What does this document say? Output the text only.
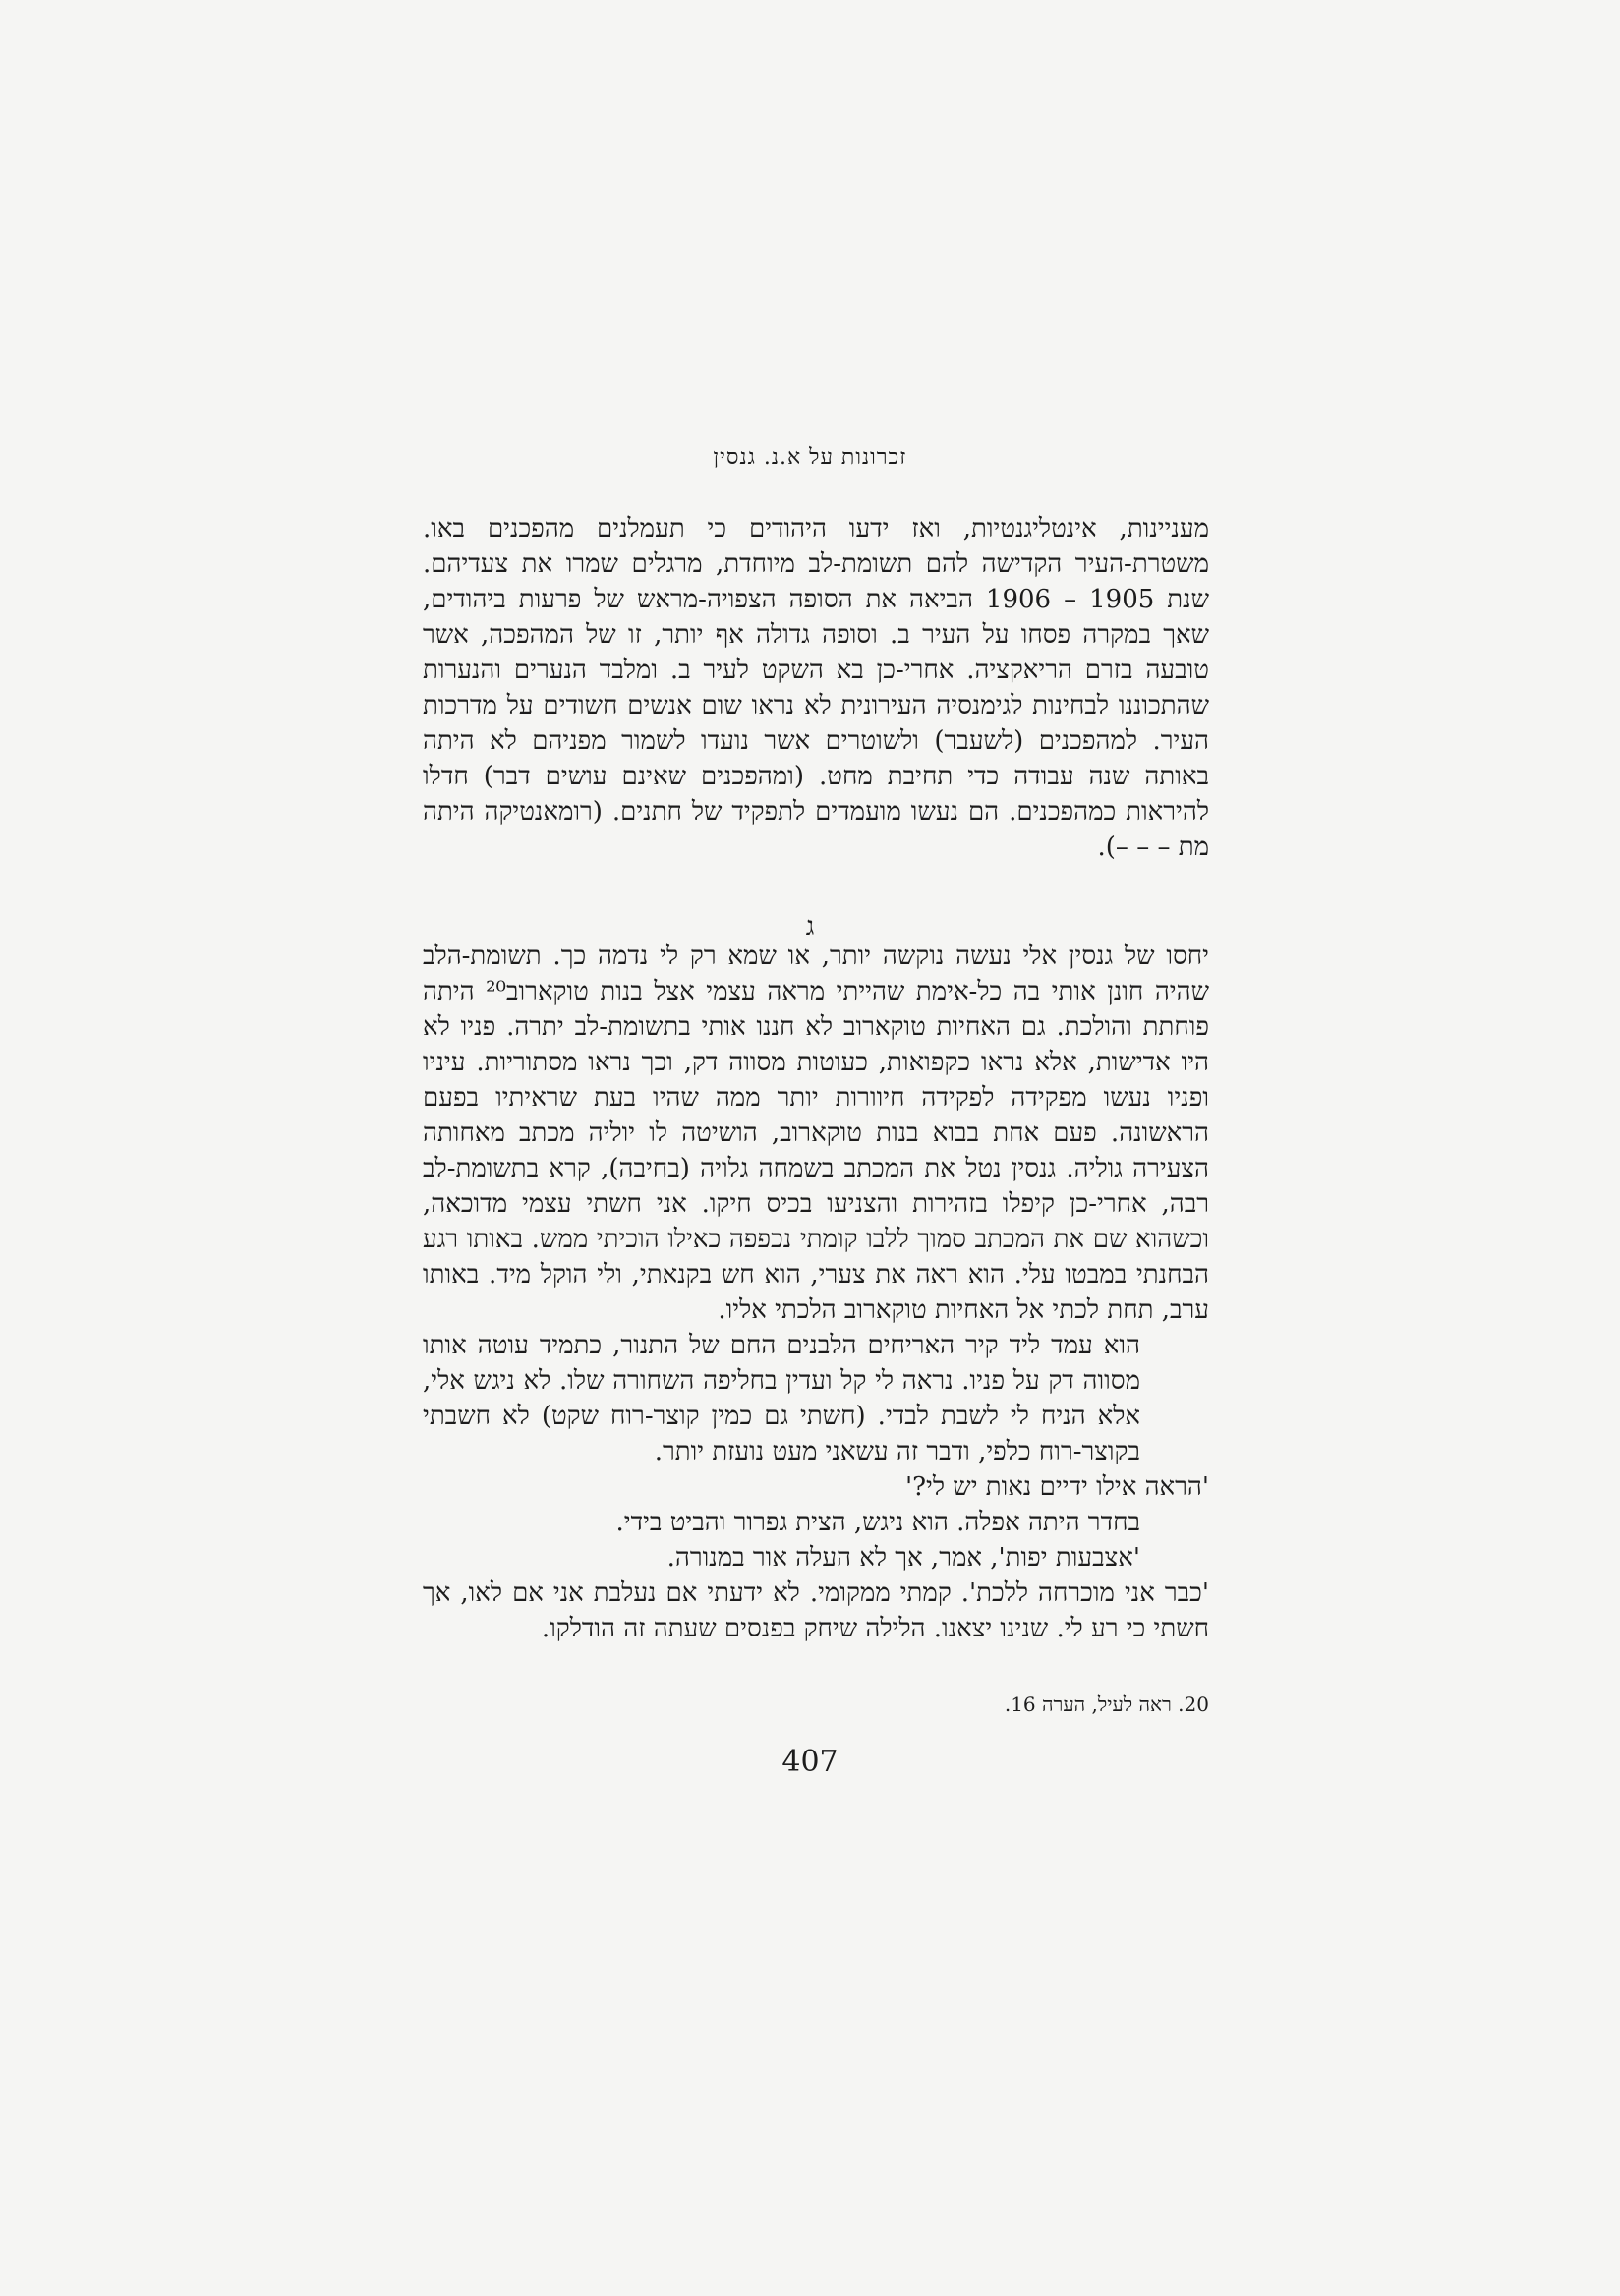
זכרונות על א.נ. גנסין

מעניינות, אינטליגנטיות, ואז ידעו היהודים כי תעמלנים מהפכנים באו. משטרת-העיר הקדישה להם תשומת-לב מיוחדת, מרגלים שמרו את צעדיהם. שנת 1905 – 1906 הביאה את הסופה הצפויה-מראש של פרעות ביהודים, שאך במקרה פסחו על העיר ב. וסופה גדולה אף יותר, זו של המהפכה, אשר טובעה בזרם הריאקציה. אחרי-כן בא השקט לעיר ב. ומלבד הנערים והנערות שהתכוננו לבחינות לגימנסיה העירונית לא נראו שום אנשים חשודים על מדרכות העיר. למהפכנים (לשעבר) ולשוטרים אשר נועדו לשמור מפניהם לא היתה באותה שנה עבודה כדי תחיבת מחט. (ומהפכנים שאינם עושים דבר) חדלו להיראות כמהפכנים. הם נעשו מועמדים לתפקיד של חתנים. (רומאנטיקה היתה מת – – –).

ג

יחסו של גנסין אלי נעשה נוקשה יותר, או שמא רק לי נדמה כך. תשומת-הלב שהיה חונן אותי בה כל-אימת שהייתי מראה עצמי אצל בנות טוקארוב²⁰ היתה פוחתת והולכת. גם האחיות טוקארוב לא חננו אותי בתשומת-לב יתרה. פניו לא היו אדישות, אלא נראו כקפואות, כעוטות מסווה דק, וכך נראו מסתוריות. עיניו ופניו נעשו מפקידה לפקידה חיוורות יותר ממה שהיו בעת שראיתיו בפעם הראשונה. פעם אחת בבוא בנות טוקארוב, הושיטה לו יוליה מכתב מאחותה הצעירה גוליה. גנסין נטל את המכתב בשמחה גלויה (בחיבה), קרא בתשומת-לב רבה, אחרי-כן קיפלו בזהירות והצניעו בכיס חיקו. אני חשתי עצמי מדוכאה, וכשהוא שם את המכתב סמוך ללבו קומתי נכפפה כאילו הוכיתי ממש. באותו רגע הבחנתי במבטו עלי. הוא ראה את צערי, הוא חש בקנאתי, ולי הוקל מיד. באותו ערב, תחת לכתי אל האחיות טוקארוב הלכתי אליו.

הוא עמד ליד קיר האריחים הלבנים החם של התנור, כתמיד עוטה אותו מסווה דק על פניו. נראה לי קל ועדין בחליפה השחורה שלו. לא ניגש אלי, אלא הניח לי לשבת לבדי. (חשתי גם כמין קוצר-רוח שקט) לא חשבתי בקוצר-רוח כלפי, ודבר זה עשאני מעט נועזת יותר.

'הראה אילו ידיים נאות יש לי?'

בחדר היתה אפלה. הוא ניגש, הצית גפרור והביט בידי.

'אצבעות יפות', אמר, אך לא העלה אור במנורה.

'כבר אני מוכרחה ללכת'. קמתי ממקומי. לא ידעתי אם נעלבת אני אם לאו, אך חשתי כי רע לי. שנינו יצאנו. הלילה שיחק בפנסים שעתה זה הודלקו.

20. ראה לעיל, הערה 16.
407
